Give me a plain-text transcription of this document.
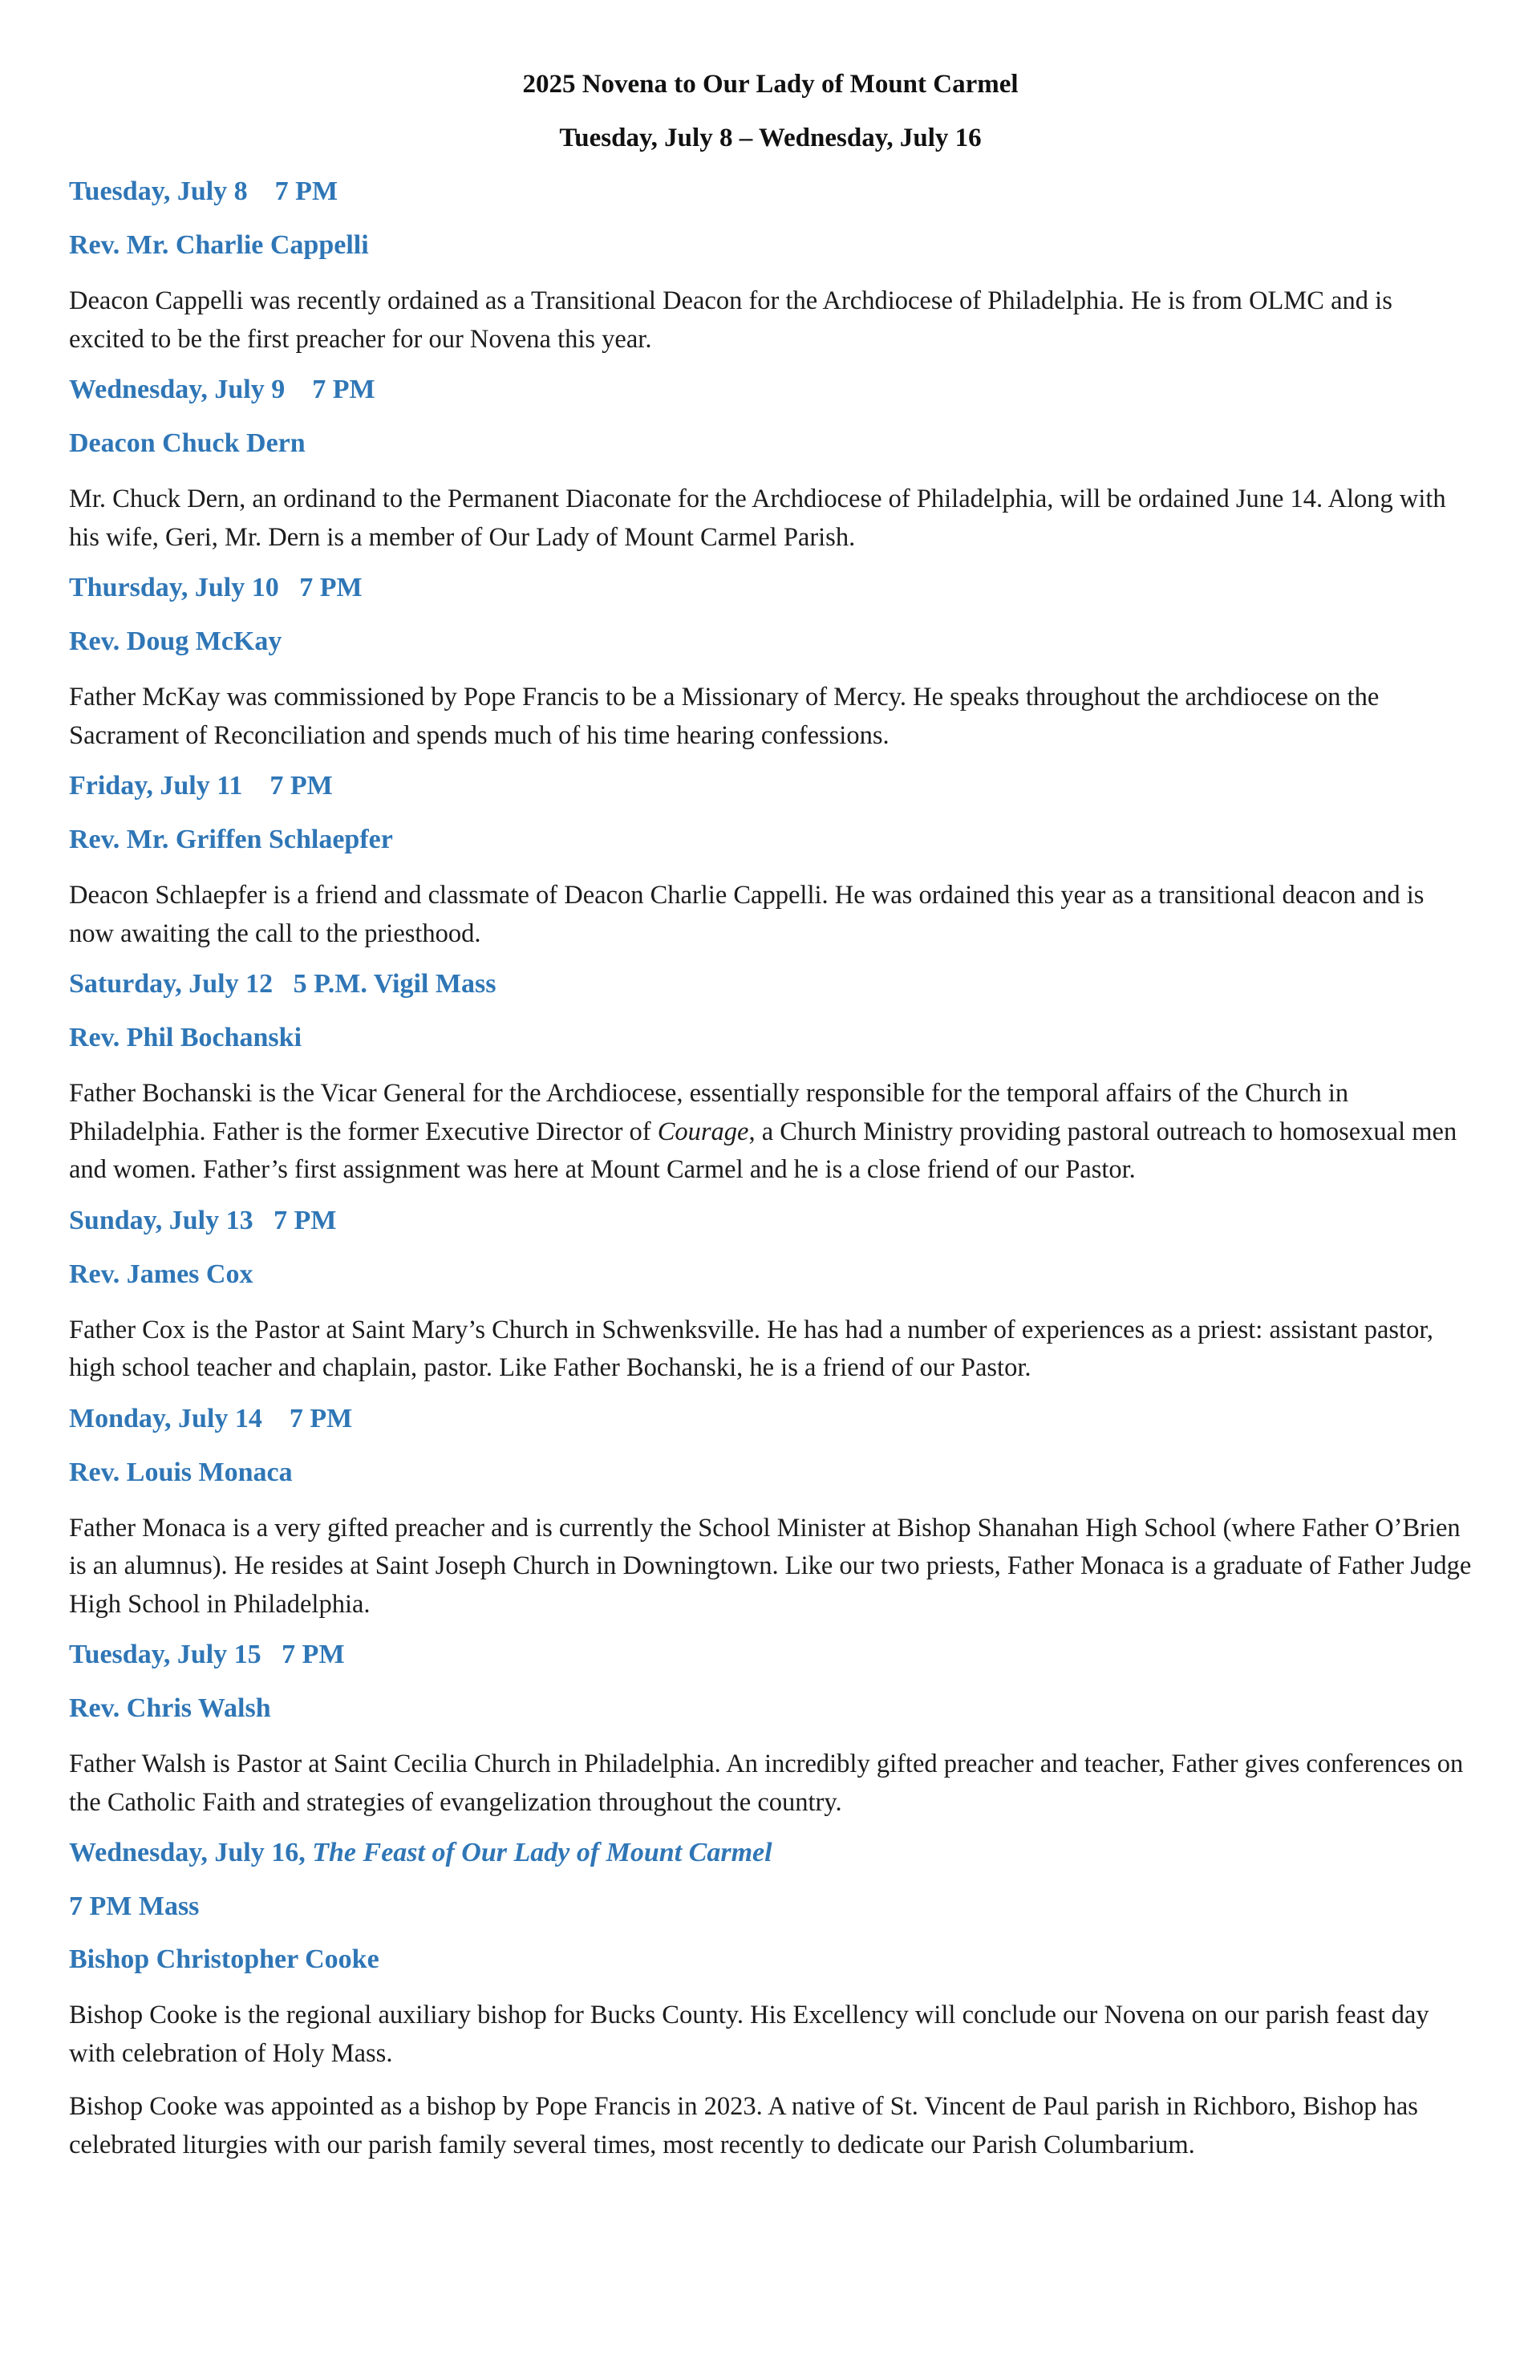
2025 Novena to Our Lady of Mount Carmel

Tuesday, July 8 – Wednesday, July 16

Tuesday, July 8    7 PM

Rev. Mr. Charlie Cappelli

Deacon Cappelli was recently ordained as a Transitional Deacon for the Archdiocese of Philadelphia. He is from OLMC and is excited to be the first preacher for our Novena this year.

Wednesday, July 9    7 PM

Deacon Chuck Dern

Mr. Chuck Dern, an ordinand to the Permanent Diaconate for the Archdiocese of Philadelphia, will be ordained June 14. Along with his wife, Geri, Mr. Dern is a member of Our Lady of Mount Carmel Parish.

Thursday, July 10   7 PM

Rev. Doug McKay

Father McKay was commissioned by Pope Francis to be a Missionary of Mercy. He speaks throughout the archdiocese on the Sacrament of Reconciliation and spends much of his time hearing confessions.

Friday, July 11    7 PM

Rev. Mr. Griffen Schlaepfer

Deacon Schlaepfer is a friend and classmate of Deacon Charlie Cappelli. He was ordained this year as a transitional deacon and is now awaiting the call to the priesthood.

Saturday, July 12   5 P.M. Vigil Mass

Rev. Phil Bochanski

Father Bochanski is the Vicar General for the Archdiocese, essentially responsible for the temporal affairs of the Church in Philadelphia. Father is the former Executive Director of Courage, a Church Ministry providing pastoral outreach to homosexual men and women. Father’s first assignment was here at Mount Carmel and he is a close friend of our Pastor.

Sunday, July 13   7 PM

Rev. James Cox

Father Cox is the Pastor at Saint Mary’s Church in Schwenksville. He has had a number of experiences as a priest: assistant pastor, high school teacher and chaplain, pastor. Like Father Bochanski, he is a friend of our Pastor.

Monday, July 14    7 PM

Rev. Louis Monaca

Father Monaca is a very gifted preacher and is currently the School Minister at Bishop Shanahan High School (where Father O’Brien is an alumnus). He resides at Saint Joseph Church in Downingtown. Like our two priests, Father Monaca is a graduate of Father Judge High School in Philadelphia.

Tuesday, July 15   7 PM

Rev. Chris Walsh

Father Walsh is Pastor at Saint Cecilia Church in Philadelphia. An incredibly gifted preacher and teacher, Father gives conferences on the Catholic Faith and strategies of evangelization throughout the country.

Wednesday, July 16, The Feast of Our Lady of Mount Carmel

7 PM Mass

Bishop Christopher Cooke

Bishop Cooke is the regional auxiliary bishop for Bucks County. His Excellency will conclude our Novena on our parish feast day with celebration of Holy Mass.

Bishop Cooke was appointed as a bishop by Pope Francis in 2023. A native of St. Vincent de Paul parish in Richboro, Bishop has celebrated liturgies with our parish family several times, most recently to dedicate our Parish Columbarium.
